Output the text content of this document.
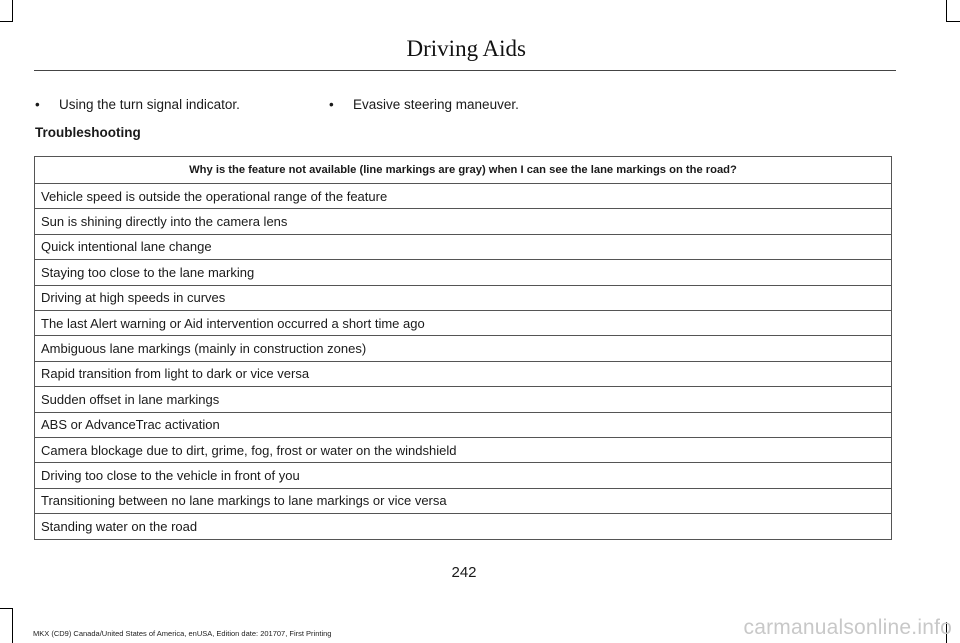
Driving Aids
•	Using the turn signal indicator.	•	Evasive steering maneuver.
Troubleshooting
Why is the feature not available (line markings are gray) when I can see the lane markings on the road?
Vehicle speed is outside the operational range of the feature
Sun is shining directly into the camera lens
Quick intentional lane change
Staying too close to the lane marking
Driving at high speeds in curves
The last Alert warning or Aid intervention occurred a short time ago
Ambiguous lane markings (mainly in construction zones)
Rapid transition from light to dark or vice versa
Sudden offset in lane markings
ABS or AdvanceTrac activation
Camera blockage due to dirt, grime, fog, frost or water on the windshield
Driving too close to the vehicle in front of you
Transitioning between no lane markings to lane markings or vice versa
Standing water on the road
242
MKX (CD9) Canada/United States of America, enUSA, Edition date: 201707, First Printing	carmanualsonline.info
